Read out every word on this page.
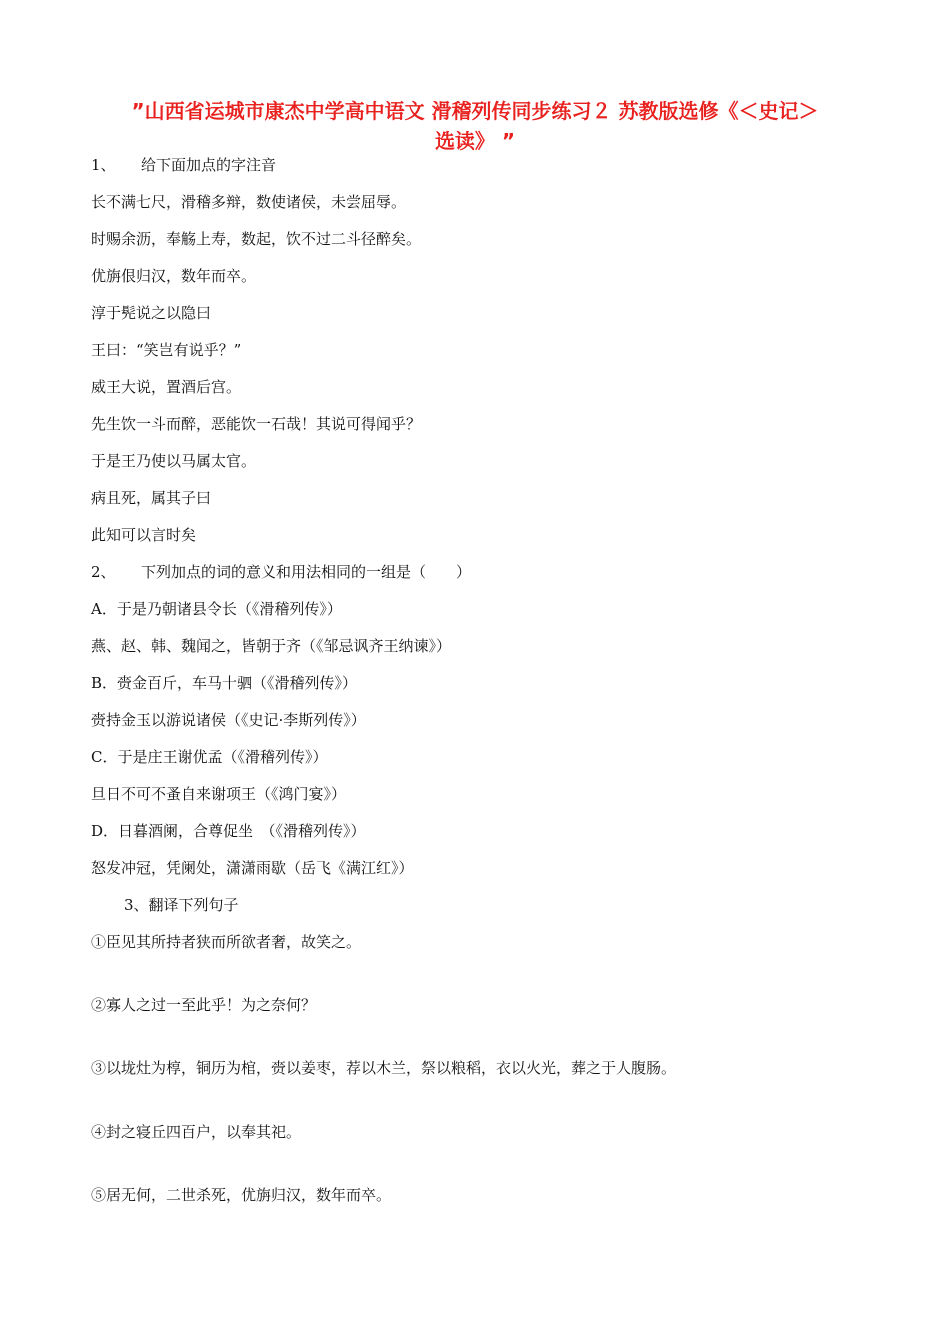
”山西省运城市康杰中学高中语文 滑稽列传同步练习２ 苏教版选修《＜史记＞
选读》 ”
1、 给下面加点的字注音
长不满七尺，滑稽多辩，数使诸侯，未尝屈辱。
时赐余沥，奉觞上寿，数起，饮不过二斗径醉矣。
优旃佷归汉，数年而卒。
淳于髡说之以隐曰
王曰：“笑岂有说乎？”
威王大说，置酒后宫。
先生饮一斗而醉，恶能饮一石哉！其说可得闻乎？
于是王乃使以马属太官。
病且死，属其子曰
此知可以言时矣
2、 下列加点的词的意义和用法相同的一组是（　　）
A．于是乃朝诸县令长（《滑稽列传》）
燕、赵、韩、魏闻之，皆朝于齐（《邹忌讽齐王纳谏》）
B．赍金百斤，车马十驷（《滑稽列传》）
赍持金玉以游说诸侯（《史记·李斯列传》）
C．于是庄王谢优孟（《滑稽列传》）
旦日不可不蚤自来谢项王（《鸿门宴》）
D．日暮酒阑，合尊促坐　（《滑稽列传》）
怒发冲冠，凭阑处，潇潇雨歇（岳飞《满江红》）
3、翻译下列句子
①臣见其所持者狭而所欲者奢，故笑之。
②寡人之过一至此乎！为之奈何？
③以垅灶为椁，铜历为棺，赍以姜枣，荐以木兰，祭以粮稻，衣以火光，葬之于人腹肠。
④封之寝丘四百户，以奉其祀。
⑤居无何，二世杀死，优旃归汉，数年而卒。
